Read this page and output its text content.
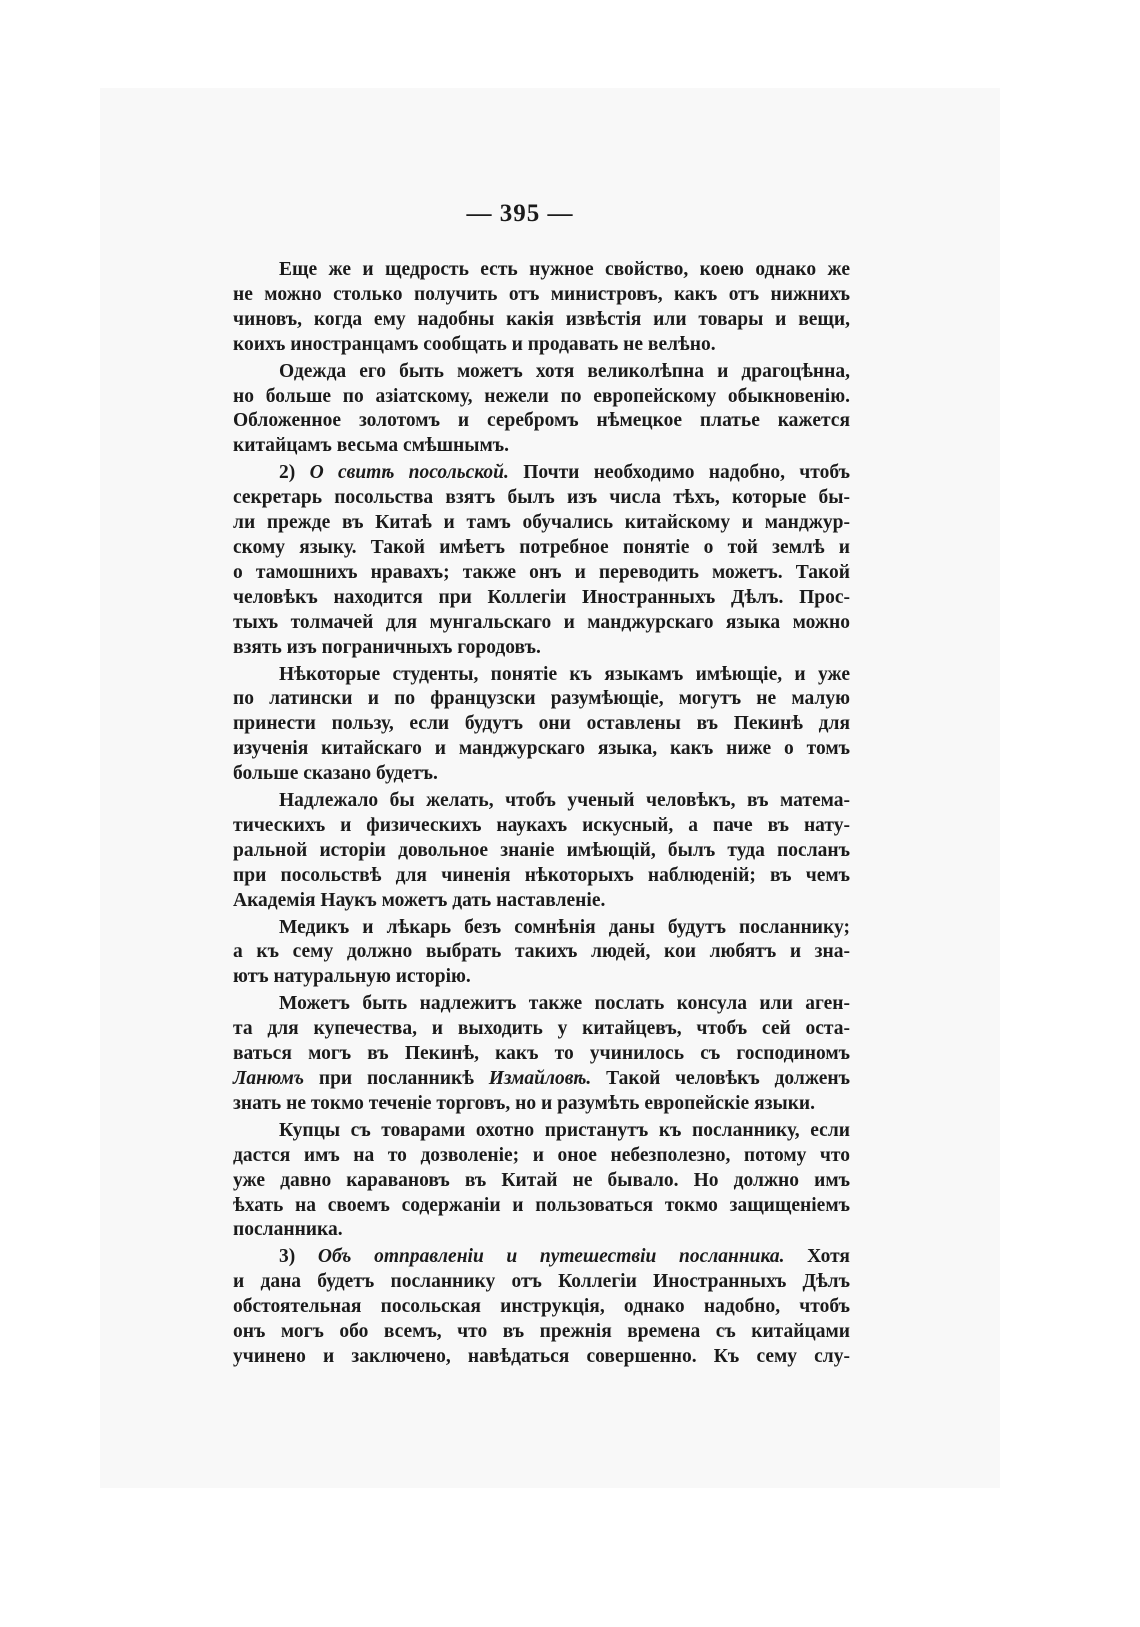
— 395 —

Еще же и щедрость есть нужное свойство, коею однако же
не можно столько получить отъ министровъ, какъ отъ нижнихъ
чиновъ, когда ему надобны какія извѣстія или товары и вещи,
коихъ иностранцамъ сообщать и продавать не велѣно.

Одежда его быть можетъ хотя великолѣпна и драгоцѣнна,
но больше по азіатскому, нежели по европейскому обыкновенію.
Обложенное золотомъ и серебромъ нѣмецкое платье кажется
китайцамъ весьма смѣшнымъ.

2) О свитѣ посольской. Почти необходимо надобно, чтобъ
секретарь посольства взятъ былъ изъ числа тѣхъ, которые бы-
ли прежде въ Китаѣ и тамъ обучались китайскому и манджур-
скому языку. Такой имѣетъ потребное понятіе о той землѣ и
о тамошнихъ нравахъ; также онъ и переводить можетъ. Такой
человѣкъ находится при Коллегіи Иностранныхъ Дѣлъ. Прос-
тыхъ толмачей для мунгальскаго и манджурскаго языка можно
взять изъ пограничныхъ городовъ.

Нѣкоторые студенты, понятіе къ языкамъ имѣющіе, и уже
по латински и по французски разумѣющіе, могутъ не малую
принести пользу, если будутъ они оставлены въ Пекинѣ для
изученія китайскаго и манджурскаго языка, какъ ниже о томъ
больше сказано будетъ.

Надлежало бы желать, чтобъ ученый человѣкъ, въ матема-
тическихъ и физическихъ наукахъ искусный, а паче въ нату-
ральной исторіи довольное знаніе имѣющій, былъ туда посланъ
при посольствѣ для чиненія нѣкоторыхъ наблюденій; въ чемъ
Академія Наукъ можетъ дать наставленіе.

Медикъ и лѣкарь безъ сомнѣнія даны будутъ посланнику;
а къ сему должно выбрать такихъ людей, кои любятъ и зна-
ютъ натуральную исторію.

Можетъ быть надлежитъ также послать консула или аген-
та для купечества, и выходить у китайцевъ, чтобъ сей оста-
ваться могъ въ Пекинѣ, какъ то учинилось съ господиномъ
Ланюмъ при посланникѣ Измайловѣ. Такой человѣкъ долженъ
знать не токмо теченіе торговъ, но и разумѣть европейскіе языки.

Купцы съ товарами охотно пристанутъ къ посланнику, если
дастся имъ на то дозволеніе; и оное небезполезно, потому что
уже давно каравановъ въ Китай не бывало. Но должно имъ
ѣхать на своемъ содержаніи и пользоваться токмо защищеніемъ
посланника.

3) Объ отправленіи и путешествіи посланника. Хотя
и дана будетъ посланнику отъ Коллегіи Иностранныхъ Дѣлъ
обстоятельная посольская инструкція, однако надобно, чтобъ
онъ могъ обо всемъ, что въ прежнія времена съ китайцами
учинено и заключено, навѣдаться совершенно. Къ сему слу-
